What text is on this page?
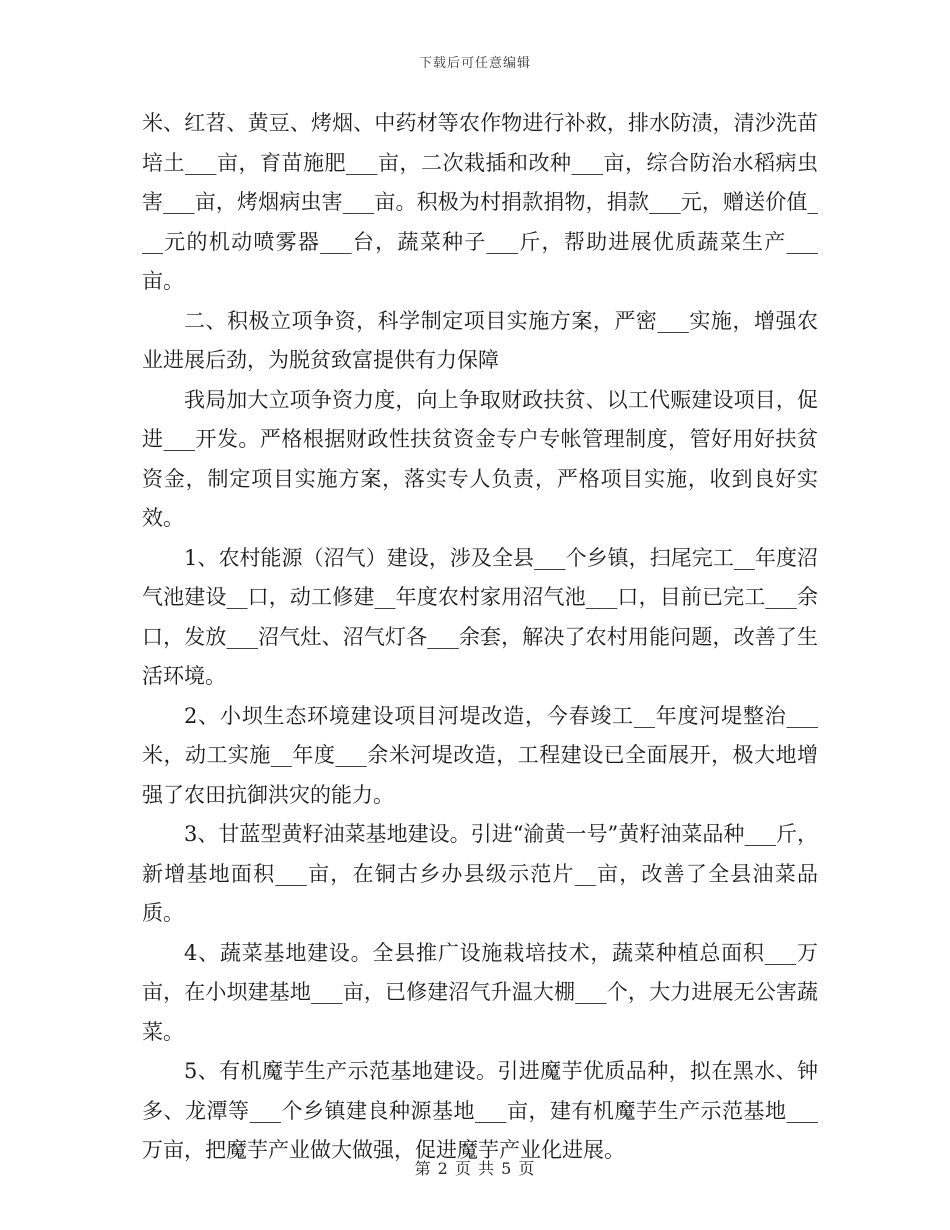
下载后可任意编辑

米、红苕、黄豆、烤烟、中药材等农作物进行补救，排水防渍，清沙洗苗培土___亩，育苗施肥___亩，二次栽插和改种___亩，综合防治水稻病虫害___亩，烤烟病虫害___亩。积极为村捐款捐物，捐款___元，赠送价值___元的机动喷雾器___台，蔬菜种子___斤，帮助进展优质蔬菜生产___亩。

二、积极立项争资，科学制定项目实施方案，严密___实施，增强农业进展后劲，为脱贫致富提供有力保障

我局加大立项争资力度，向上争取财政扶贫、以工代赈建设项目，促进___开发。严格根据财政性扶贫资金专户专帐管理制度，管好用好扶贫资金，制定项目实施方案，落实专人负责，严格项目实施，收到良好实效。

1、农村能源（沼气）建设，涉及全县___个乡镇，扫尾完工__年度沼气池建设__口，动工修建__年度农村家用沼气池___口，目前已完工___余口，发放___沼气灶、沼气灯各___余套，解决了农村用能问题，改善了生活环境。

2、小坝生态环境建设项目河堤改造，今春竣工__年度河堤整治___米，动工实施__年度___余米河堤改造，工程建设已全面展开，极大地增强了农田抗御洪灾的能力。

3、甘蓝型黄籽油菜基地建设。引进“渝黄一号”黄籽油菜品种___斤，新增基地面积___亩，在铜古乡办县级示范片__亩，改善了全县油菜品质。

4、蔬菜基地建设。全县推广设施栽培技术，蔬菜种植总面积___万亩，在小坝建基地___亩，已修建沼气升温大棚___个，大力进展无公害蔬菜。

5、有机魔芋生产示范基地建设。引进魔芋优质品种，拟在黑水、钟多、龙潭等___个乡镇建良种源基地___亩，建有机魔芋生产示范基地___万亩，把魔芋产业做大做强，促进魔芋产业化进展。

第 2 页 共 5 页
